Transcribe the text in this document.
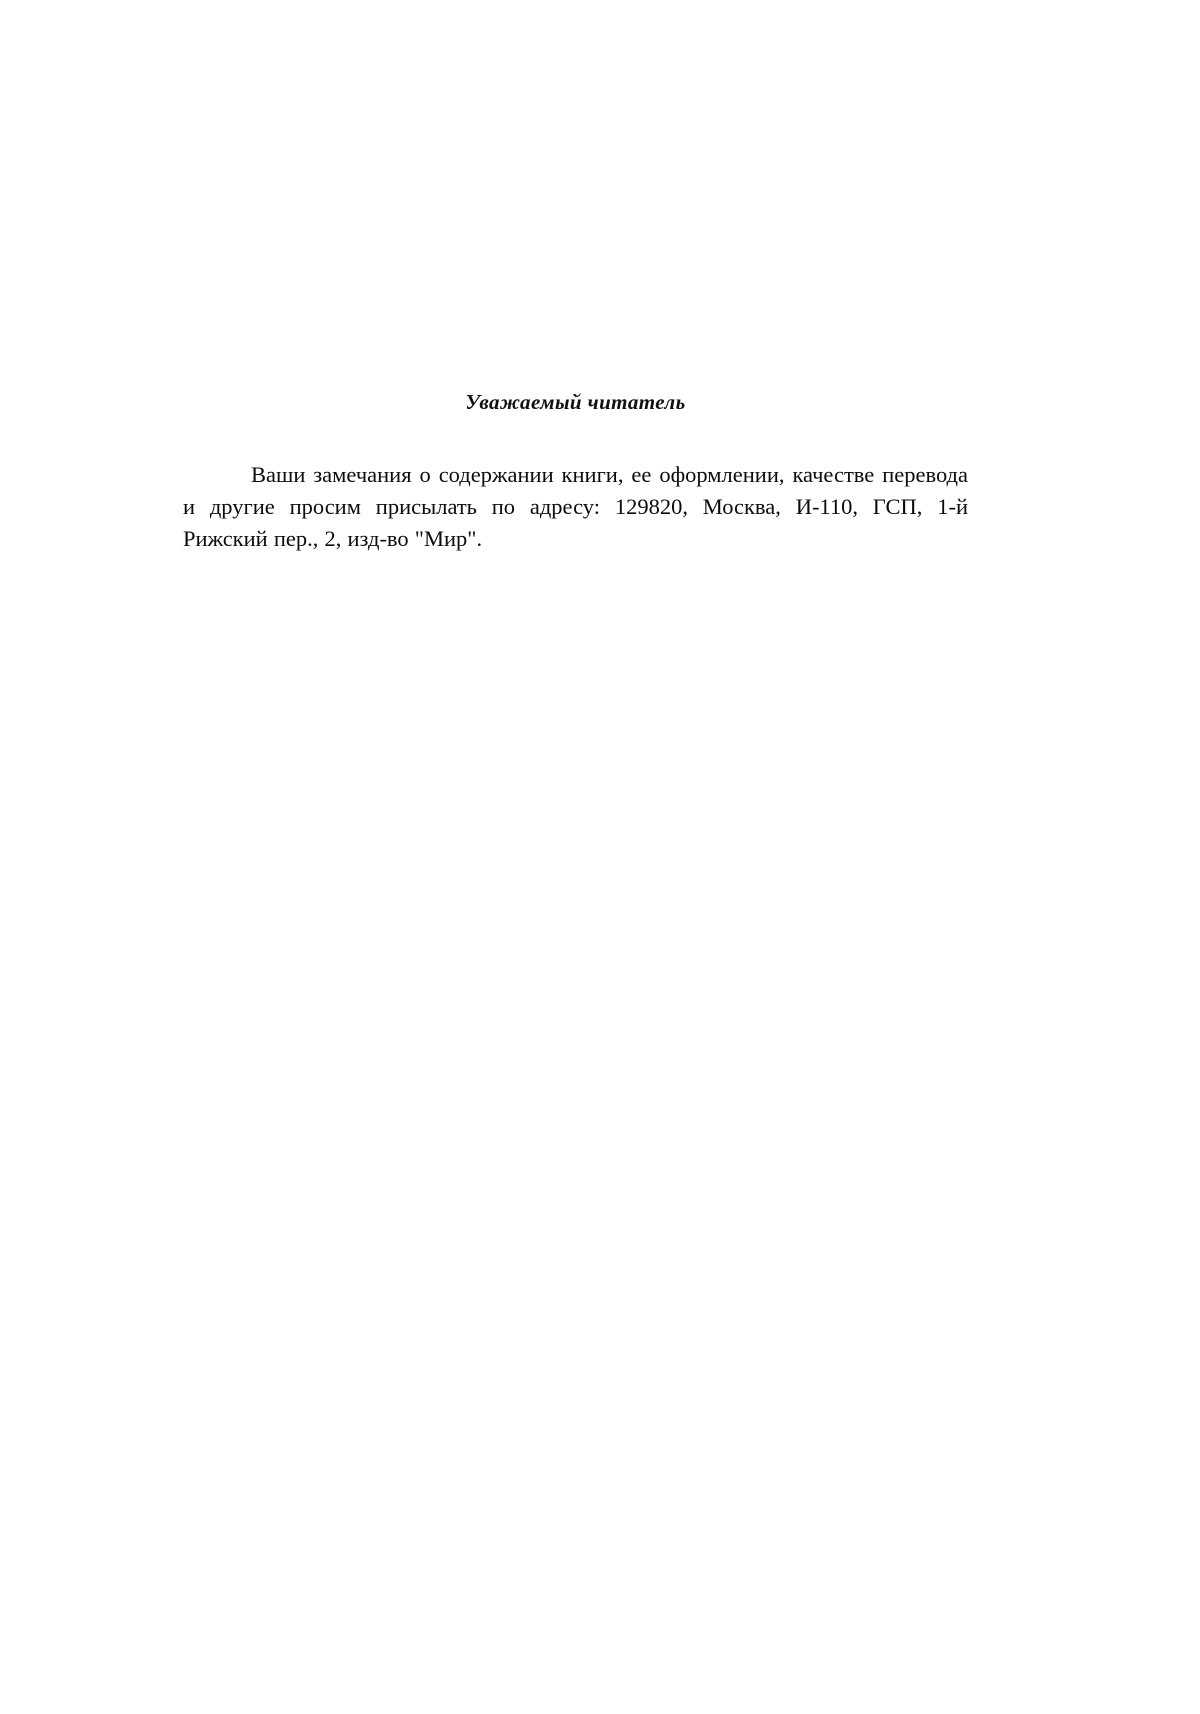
Уважаемый читатель

Ваши замечания о содержании книги, ее оформлении, качестве перевода и другие просим присылать по адресу: 129820, Москва, И-110, ГСП, 1-й Рижский пер., 2, изд-во "Мир".
